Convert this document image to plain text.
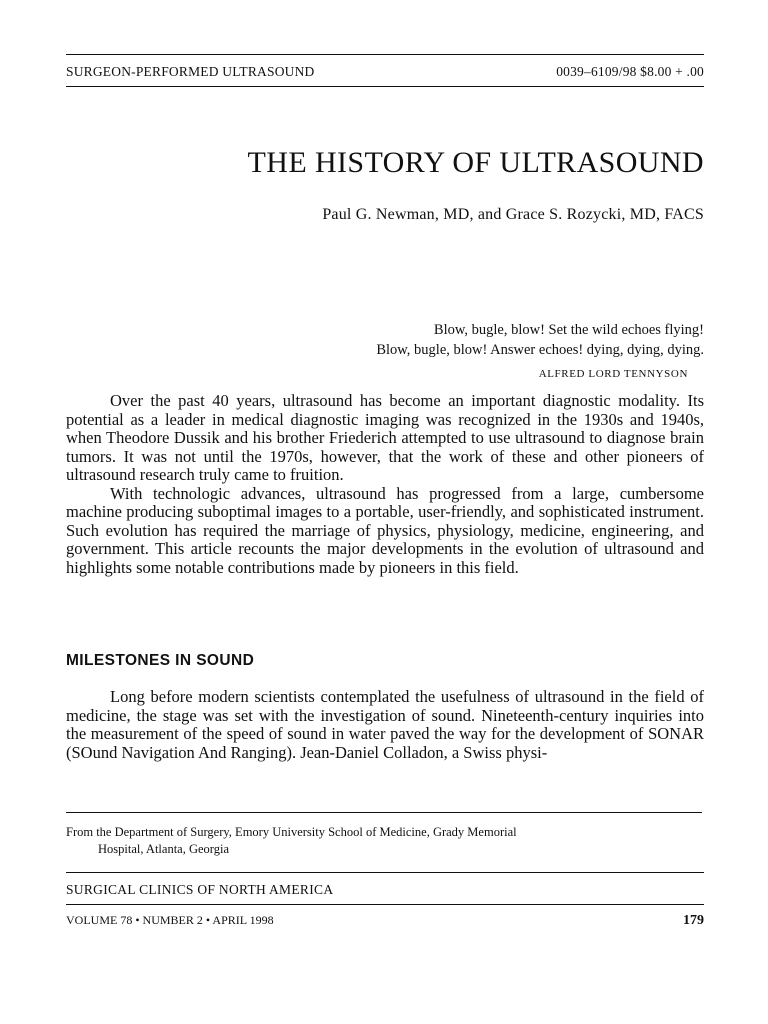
SURGEON-PERFORMED ULTRASOUND	0039–6109/98 $8.00 + .00
THE HISTORY OF ULTRASOUND
Paul G. Newman, MD, and Grace S. Rozycki, MD, FACS
Blow, bugle, blow! Set the wild echoes flying!
Blow, bugle, blow! Answer echoes! dying, dying, dying.
ALFRED LORD TENNYSON

Over the past 40 years, ultrasound has become an important diagnostic modality. Its potential as a leader in medical diagnostic imaging was recognized in the 1930s and 1940s, when Theodore Dussik and his brother Friederich attempted to use ultrasound to diagnose brain tumors. It was not until the 1970s, however, that the work of these and other pioneers of ultrasound research truly came to fruition.

With technologic advances, ultrasound has progressed from a large, cumbersome machine producing suboptimal images to a portable, user-friendly, and sophisticated instrument. Such evolution has required the marriage of physics, physiology, medicine, engineering, and government. This article recounts the major developments in the evolution of ultrasound and highlights some notable contributions made by pioneers in this field.

MILESTONES IN SOUND

Long before modern scientists contemplated the usefulness of ultrasound in the field of medicine, the stage was set with the investigation of sound. Nineteenth-century inquiries into the measurement of the speed of sound in water paved the way for the development of SONAR (SOund Navigation And Ranging). Jean-Daniel Colladon, a Swiss physi-

From the Department of Surgery, Emory University School of Medicine, Grady Memorial
Hospital, Atlanta, Georgia
SURGICAL CLINICS OF NORTH AMERICA
VOLUME 78 • NUMBER 2 • APRIL 1998	179
